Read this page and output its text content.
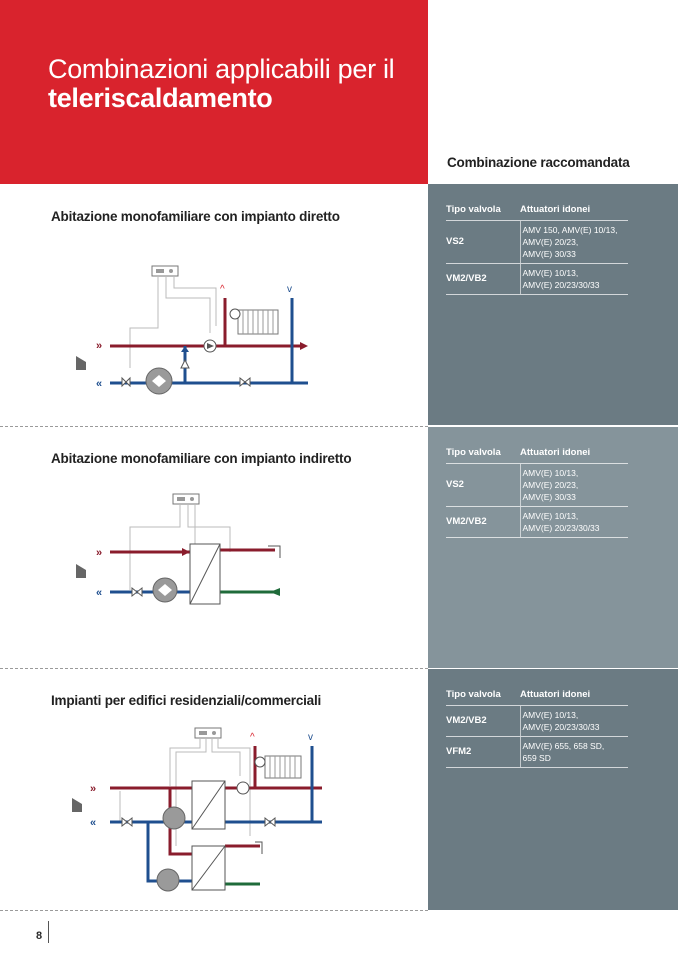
Combinazioni applicabili per il
teleriscaldamento
Combinazione raccomandata
Tipo valvola	Attuatori idonei
VS2	AMV 150, AMV(E) 10/13,
AMV(E) 20/23,
AMV(E) 30/33

VM2/VB2	AMV(E) 10/13,
AMV(E) 20/23/30/33
Tipo valvola	Attuatori idonei
VS2	AMV(E) 10/13,
AMV(E) 20/23,
AMV(E) 30/33

VM2/VB2	AMV(E) 10/13,
AMV(E) 20/23/30/33
Tipo valvola	Attuatori idonei
VM2/VB2	AMV(E) 10/13,
AMV(E) 20/23/30/33

VFM2	AMV(E) 655, 658 SD,
659 SD
Abitazione monofamiliare con impianto diretto
Abitazione monofamiliare con impianto indiretto
Impianti per edifici residenziali/commerciali
»
«
^	v
»
«
»
«
^	v
8
